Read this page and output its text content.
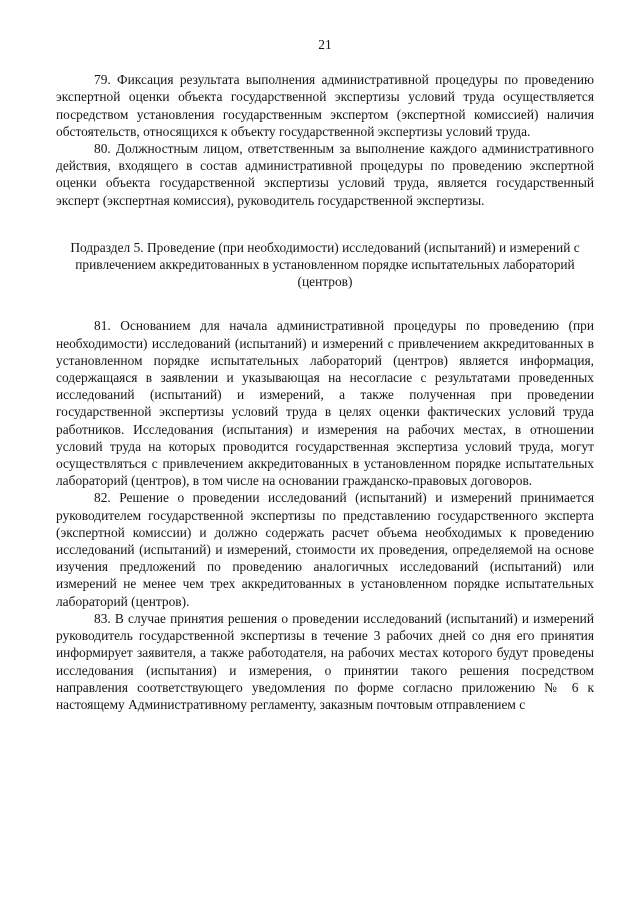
21

79. Фиксация результата выполнения административной процедуры по проведению экспертной оценки объекта государственной экспертизы условий труда осуществляется посредством установления государственным экспертом (экспертной комиссией) наличия обстоятельств, относящихся к объекту государственной экспертизы условий труда.

80. Должностным лицом, ответственным за выполнение каждого административного действия, входящего в состав административной процедуры по проведению экспертной оценки объекта государственной экспертизы условий труда, является государственный эксперт (экспертная комиссия), руководитель государственной экспертизы.

Подраздел 5. Проведение (при необходимости) исследований (испытаний) и измерений с привлечением аккредитованных в установленном порядке испытательных лабораторий (центров)

81. Основанием для начала административной процедуры по проведению (при необходимости) исследований (испытаний) и измерений с привлечением аккредитованных в установленном порядке испытательных лабораторий (центров) является информация, содержащаяся в заявлении и указывающая на несогласие с результатами проведенных исследований (испытаний) и измерений, а также полученная при проведении государственной экспертизы условий труда в целях оценки фактических условий труда работников. Исследования (испытания) и измерения на рабочих местах, в отношении условий труда на которых проводится государственная экспертиза условий труда, могут осуществляться с привлечением аккредитованных в установленном порядке испытательных лабораторий (центров), в том числе на основании гражданско-правовых договоров.

82. Решение о проведении исследований (испытаний) и измерений принимается руководителем государственной экспертизы по представлению государственного эксперта (экспертной комиссии) и должно содержать расчет объема необходимых к проведению исследований (испытаний) и измерений, стоимости их проведения, определяемой на основе изучения предложений по проведению аналогичных исследований (испытаний) или измерений не менее чем трех аккредитованных в установленном порядке испытательных лабораторий (центров).

83. В случае принятия решения о проведении исследований (испытаний) и измерений руководитель государственной экспертизы в течение 3 рабочих дней со дня его принятия информирует заявителя, а также работодателя, на рабочих местах которого будут проведены исследования (испытания) и измерения, о принятии такого решения посредством направления соответствующего уведомления по форме согласно приложению № 6 к настоящему Административному регламенту, заказным почтовым отправлением с
